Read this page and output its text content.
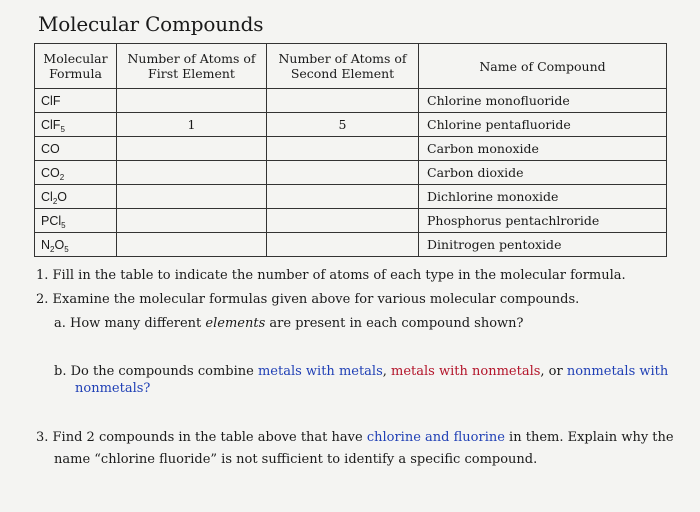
Molecular Compounds
Molecular Formula	Number of Atoms of First Element	Number of Atoms of Second Element	Name of Compound
ClF			Chlorine monofluoride
ClF$_5$	1	5	Chlorine pentafluoride
CO			Carbon monoxide
$CO_2$			Carbon dioxide
$Cl_2O$			Dichlorine monoxide
PCl$_5$			Phosphorus pentachlroride
$N_2O_5$			Dinitrogen pentoxide
1. Fill in the table to indicate the number of atoms of each type in the molecular formula.
2. Examine the molecular formulas given above for various molecular compounds.
a. How many different elements are present in each compound shown?
b. Do the compounds combine metals with metals, metals with nonmetals, or nonmetals with
nonmetals?
3. Find 2 compounds in the table above that have chlorine and fluorine in them. Explain why the
name “chlorine fluoride” is not sufficient to identify a specific compound.
